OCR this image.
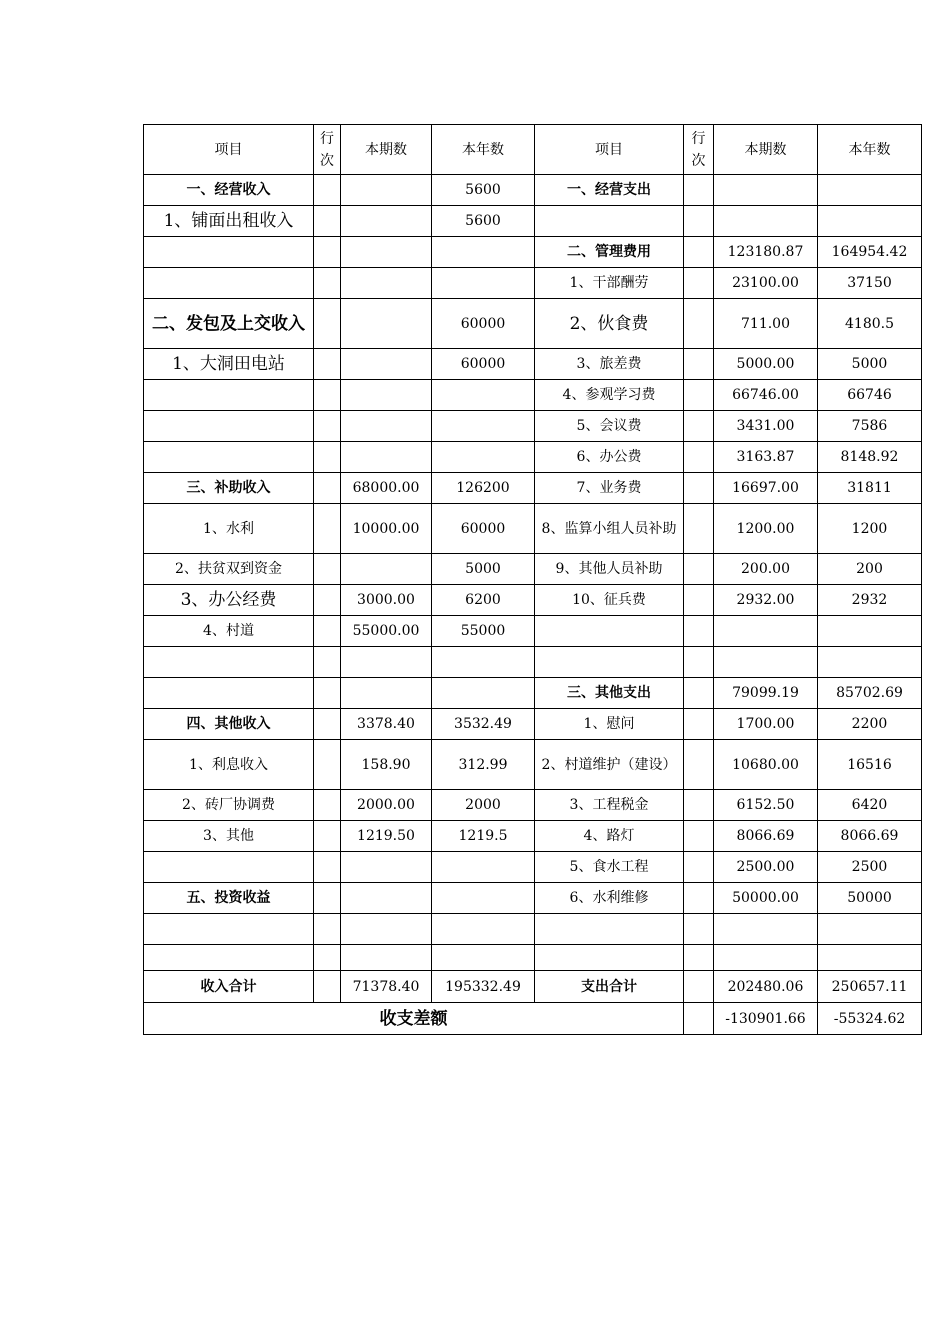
项目	行次	本期数	本年数	项目	行次	本期数	本年数
一、经营收入			5600	一、经营支出			
1、铺面出租收入			5600				
				二、管理费用		123180.87	164954.42
				1、干部酬劳		23100.00	37150
二、发包及上交收入			60000	2、伙食费		711.00	4180.5
1、大洞田电站			60000	3、旅差费		5000.00	5000
				4、参观学习费		66746.00	66746
				5、会议费		3431.00	7586
				6、办公费		3163.87	8148.92
三、补助收入		68000.00	126200	7、业务费		16697.00	31811
1、水利		10000.00	60000	8、监算小组人员补助		1200.00	1200
2、扶贫双到资金			5000	9、其他人员补助		200.00	200
3、办公经费		3000.00	6200	10、征兵费		2932.00	2932
4、村道		55000.00	55000				

				三、其他支出		79099.19	85702.69
四、其他收入		3378.40	3532.49	1、慰问		1700.00	2200
1、利息收入		158.90	312.99	2、村道维护（建设）		10680.00	16516
2、砖厂协调费		2000.00	2000	3、工程税金		6152.50	6420
3、其他		1219.50	1219.5	4、路灯		8066.69	8066.69
				5、食水工程		2500.00	2500
五、投资收益				6、水利维修		50000.00	50000

收入合计		71378.40	195332.49	支出合计		202480.06	250657.11
收支差额						-130901.66	-55324.62
